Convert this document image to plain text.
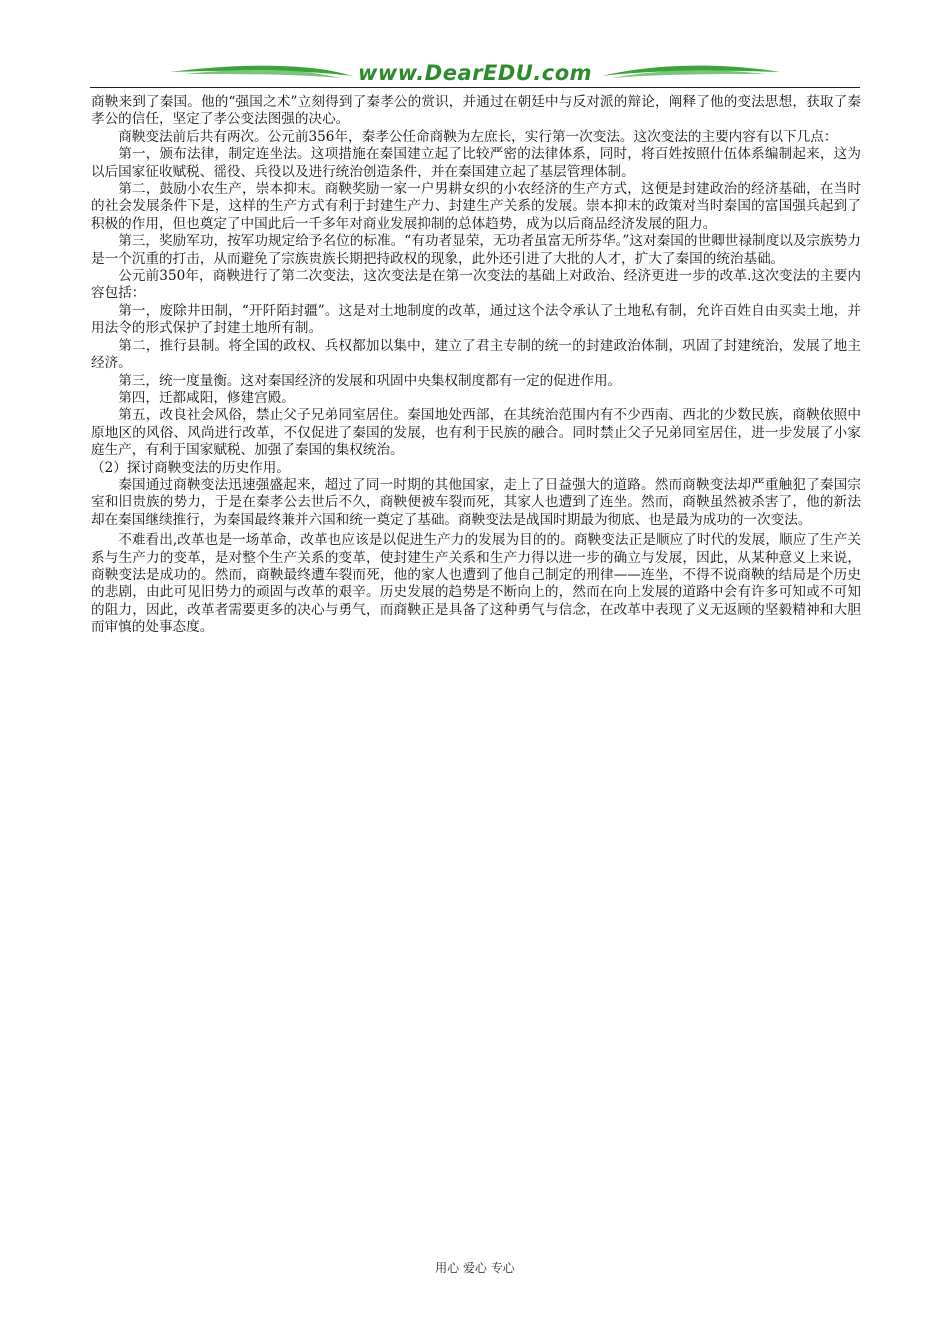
www.DearEDU.com

商鞅来到了秦国。他的“强国之术”立刻得到了秦孝公的赏识，并通过在朝廷中与反对派的辩论，阐释了他的变法思想，获取了秦孝公的信任，坚定了孝公变法图强的决心。

商鞅变法前后共有两次。公元前356年，秦孝公任命商鞅为左庶长，实行第一次变法。这次变法的主要内容有以下几点：

第一，颁布法律，制定连坐法。这项措施在秦国建立起了比较严密的法律体系，同时，将百姓按照什伍体系编制起来，这为以后国家征收赋税、徭役、兵役以及进行统治创造条件，并在秦国建立起了基层管理体制。

第二，鼓励小农生产，崇本抑末。商鞅奖励一家一户男耕女织的小农经济的生产方式，这便是封建政治的经济基础，在当时的社会发展条件下是，这样的生产方式有利于封建生产力、封建生产关系的发展。崇本抑末的政策对当时秦国的富国强兵起到了积极的作用，但也奠定了中国此后一千多年对商业发展抑制的总体趋势，成为以后商品经济发展的阻力。

第三，奖励军功，按军功规定给予名位的标准。“有功者显荣，无功者虽富无所芬华。”这对秦国的世卿世禄制度以及宗族势力是一个沉重的打击，从而避免了宗族贵族长期把持政权的现象，此外还引进了大批的人才，扩大了秦国的统治基础。

公元前350年，商鞅进行了第二次变法，这次变法是在第一次变法的基础上对政治、经济更进一步的改革.这次变法的主要内容包括：

第一，废除井田制，“开阡陌封疆”。这是对土地制度的改革，通过这个法令承认了土地私有制，允许百姓自由买卖土地，并用法令的形式保护了封建土地所有制。

第二，推行县制。将全国的政权、兵权都加以集中，建立了君主专制的统一的封建政治体制，巩固了封建统治，发展了地主经济。

第三，统一度量衡。这对秦国经济的发展和巩固中央集权制度都有一定的促进作用。

第四，迁都咸阳，修建宫殿。

第五，改良社会风俗，禁止父子兄弟同室居住。秦国地处西部，在其统治范围内有不少西南、西北的少数民族，商鞅依照中原地区的风俗、风尚进行改革，不仅促进了秦国的发展，也有利于民族的融合。同时禁止父子兄弟同室居住，进一步发展了小家庭生产，有利于国家赋税、加强了秦国的集权统治。

（2）探讨商鞅变法的历史作用。

秦国通过商鞅变法迅速强盛起来，超过了同一时期的其他国家，走上了日益强大的道路。然而商鞅变法却严重触犯了秦国宗室和旧贵族的势力，于是在秦孝公去世后不久，商鞅便被车裂而死，其家人也遭到了连坐。然而，商鞅虽然被杀害了，他的新法却在秦国继续推行，为秦国最终兼并六国和统一奠定了基础。商鞅变法是战国时期最为彻底、也是最为成功的一次变法。

不难看出,改革也是一场革命，改革也应该是以促进生产力的发展为目的的。商鞅变法正是顺应了时代的发展，顺应了生产关系与生产力的变革，是对整个生产关系的变革，使封建生产关系和生产力得以进一步的确立与发展，因此，从某种意义上来说，商鞅变法是成功的。然而，商鞅最终遭车裂而死，他的家人也遭到了他自己制定的刑律——连坐，不得不说商鞅的结局是个历史的悲剧，由此可见旧势力的顽固与改革的艰辛。历史发展的趋势是不断向上的，然而在向上发展的道路中会有许多可知或不可知的阻力，因此，改革者需要更多的决心与勇气，而商鞅正是具备了这种勇气与信念，在改革中表现了义无返顾的坚毅精神和大胆而审慎的处事态度。

用心 爱心 专心
